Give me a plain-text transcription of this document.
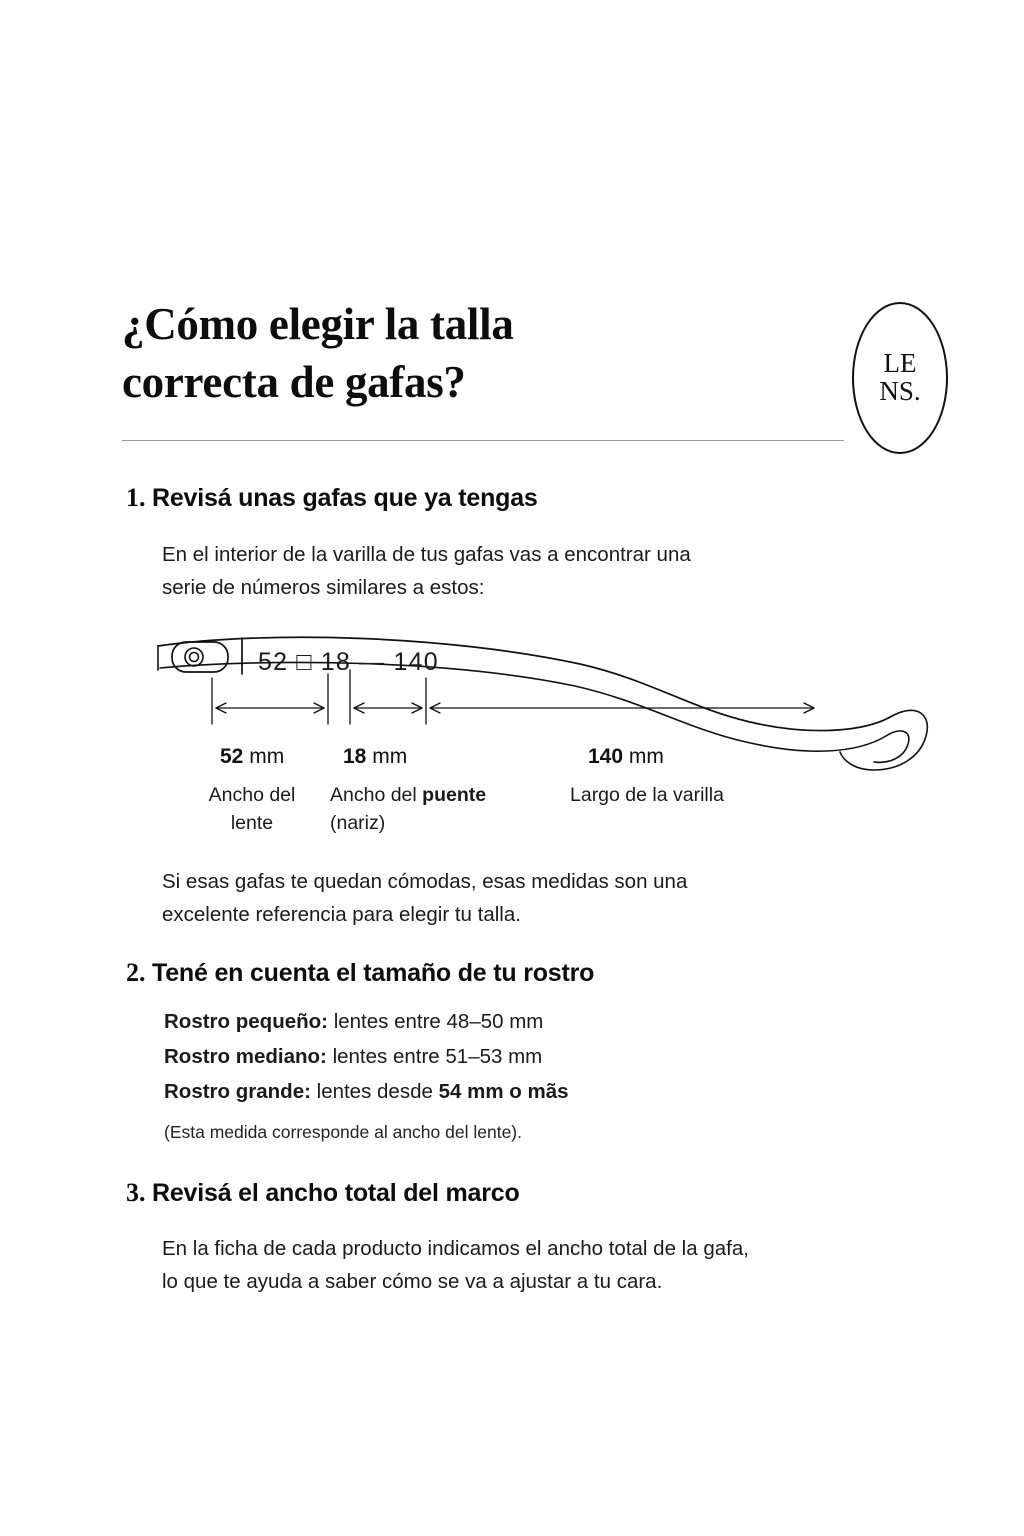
¿Cómo elegir la talla
correcta de gafas?	LE
NS.
1. Revisá unas gafas que ya tengas
En el interior de la varilla de tus gafas vas a encontrar una
serie de números similares a estos:
52 □ 18 — 140
52 mm	18 mm	140 mm
Ancho del
lente
Ancho del puente
(nariz)
Largo de la varilla
Si esas gafas te quedan cómodas, esas medidas son una
excelente referencia para elegir tu talla.
2. Tené en cuenta el tamaño de tu rostro
Rostro pequeño: lentes entre 48–50 mm
Rostro mediano: lentes entre 51–53 mm
Rostro grande: lentes desde 54 mm o mãs
(Esta medida corresponde al ancho del lente).
3. Revisá el ancho total del marco
En la ficha de cada producto indicamos el ancho total de la gafa,
lo que te ayuda a saber cómo se va a ajustar a tu cara.
